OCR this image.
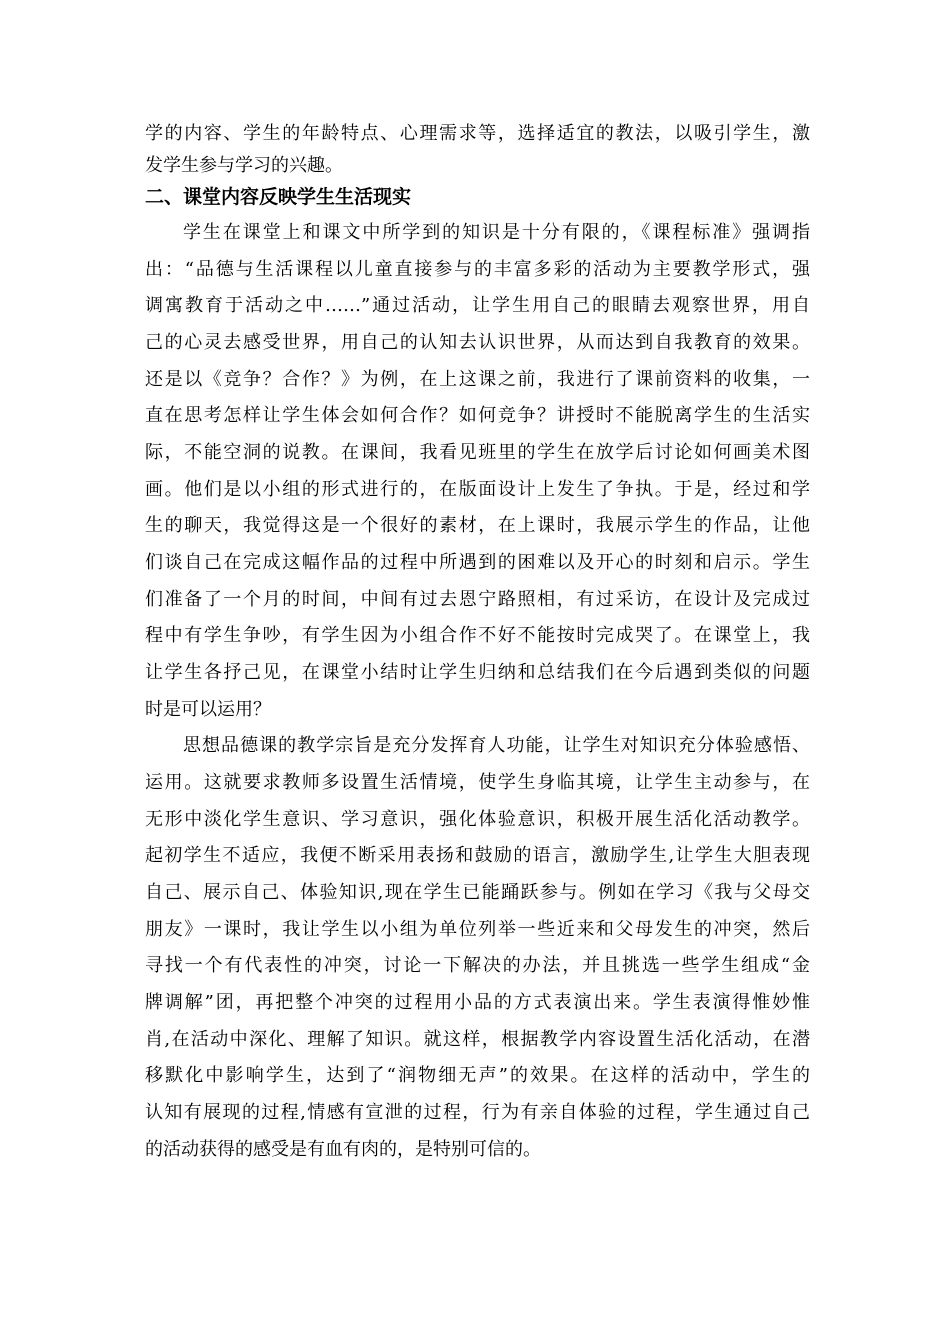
学的内容、学生的年龄特点、心理需求等，选择适宜的教法，以吸引学生，激
发学生参与学习的兴趣。
二、课堂内容反映学生生活现实
学生在课堂上和课文中所学到的知识是十分有限的，《课程标准》强调指
出：“品德与生活课程以儿童直接参与的丰富多彩的活动为主要教学形式，强
调寓教育于活动之中……”通过活动，让学生用自己的眼睛去观察世界，用自
己的心灵去感受世界，用自己的认知去认识世界，从而达到自我教育的效果。
还是以《竞争？合作？》为例，在上这课之前，我进行了课前资料的收集，一
直在思考怎样让学生体会如何合作？如何竞争？讲授时不能脱离学生的生活实
际，不能空洞的说教。在课间，我看见班里的学生在放学后讨论如何画美术图
画。他们是以小组的形式进行的，在版面设计上发生了争执。于是，经过和学
生的聊天，我觉得这是一个很好的素材，在上课时，我展示学生的作品，让他
们谈自己在完成这幅作品的过程中所遇到的困难以及开心的时刻和启示。学生
们准备了一个月的时间，中间有过去恩宁路照相，有过采访，在设计及完成过
程中有学生争吵，有学生因为小组合作不好不能按时完成哭了。在课堂上，我
让学生各抒己见，在课堂小结时让学生归纳和总结我们在今后遇到类似的问题
时是可以运用？
思想品德课的教学宗旨是充分发挥育人功能，让学生对知识充分体验感悟、
运用。这就要求教师多设置生活情境，使学生身临其境，让学生主动参与，在
无形中淡化学生意识、学习意识，强化体验意识，积极开展生活化活动教学。
起初学生不适应，我便不断采用表扬和鼓励的语言，激励学生,让学生大胆表现
自己、展示自己、体验知识,现在学生已能踊跃参与。例如在学习《我与父母交
朋友》一课时，我让学生以小组为单位列举一些近来和父母发生的冲突，然后
寻找一个有代表性的冲突，讨论一下解决的办法，并且挑选一些学生组成“金
牌调解”团，再把整个冲突的过程用小品的方式表演出来。学生表演得惟妙惟
肖,在活动中深化、理解了知识。就这样，根据教学内容设置生活化活动，在潜
移默化中影响学生，达到了“润物细无声”的效果。在这样的活动中，学生的
认知有展现的过程,情感有宣泄的过程，行为有亲自体验的过程，学生通过自己
的活动获得的感受是有血有肉的，是特别可信的。
